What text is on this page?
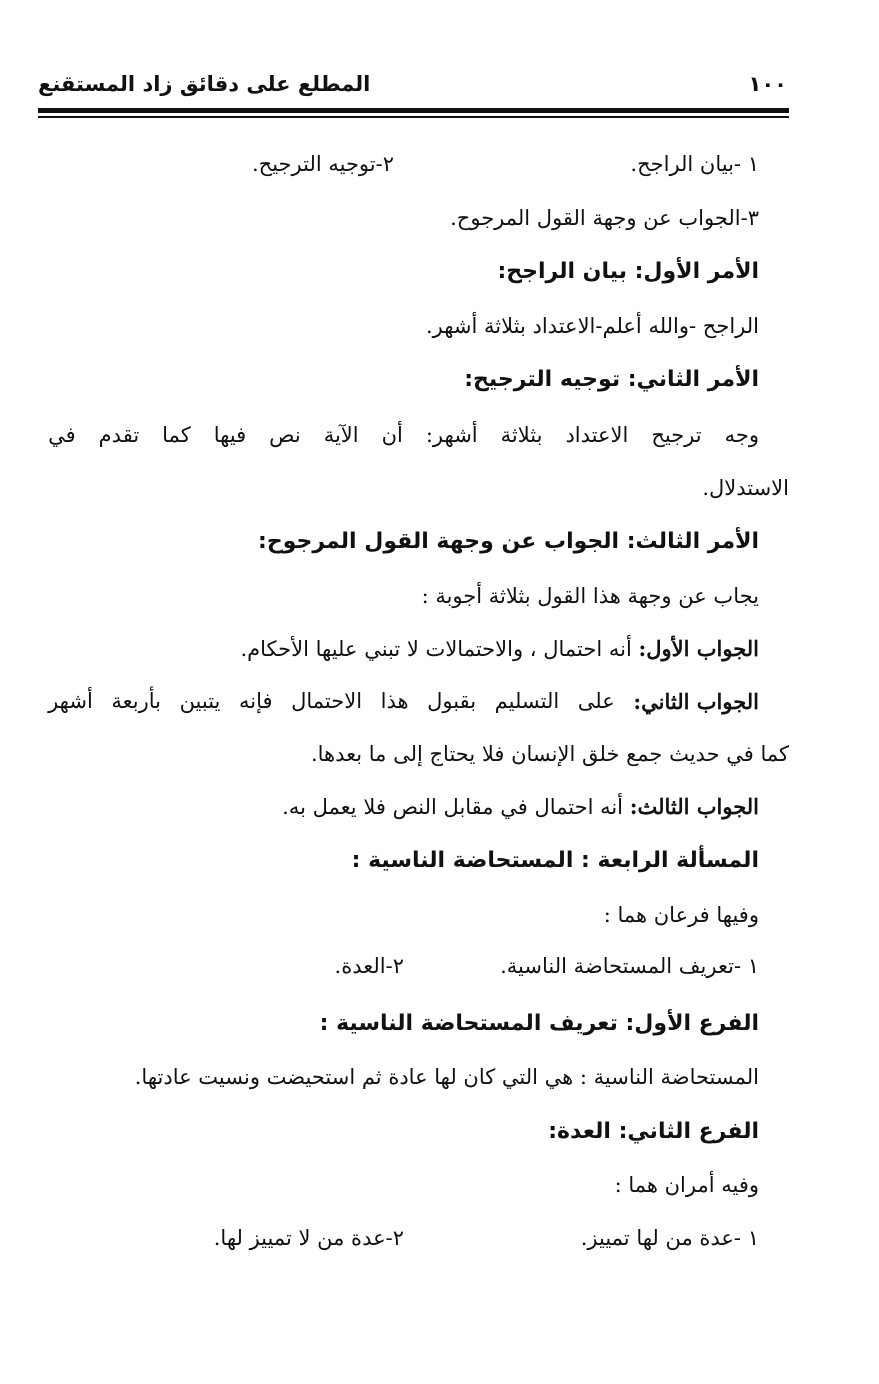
١٠٠
المطلع على دقائق زاد المستقنع
١ -بيان الراجح.
٢-توجيه الترجيح.
٣-الجواب عن وجهة القول المرجوح.
الأمر الأول: بيان الراجح:
الراجح -والله أعلم-الاعتداد بثلاثة أشهر.
الأمر الثاني: توجيه الترجيح:
وجه
ترجيح
الاعتداد
بثلاثة
أشهر:
أن
الآية
نص
فيها
كما
تقدم
في
الاستدلال.
الأمر الثالث: الجواب عن وجهة القول المرجوح:
يجاب عن وجهة هذا القول بثلاثة أجوبة :
الجواب الأول: أنه احتمال ، والاحتمالات لا تبني عليها الأحكام.
الجواب الثاني:
على
التسليم
بقبول
هذا
الاحتمال
فإنه
يتبين
بأربعة
أشهر
كما في حديث جمع خلق الإنسان فلا يحتاج إلى ما بعدها.
الجواب الثالث: أنه احتمال في مقابل النص فلا يعمل به.
المسألة الرابعة : المستحاضة الناسية :
وفيها فرعان هما :
١ -تعريف المستحاضة الناسية.
٢-العدة.
الفرع الأول: تعريف المستحاضة الناسية :
المستحاضة الناسية : هي التي كان لها عادة ثم استحيضت ونسيت عادتها.
الفرع الثاني: العدة:
وفيه أمران هما :
١ -عدة من لها تمييز.
٢-عدة من لا تمييز لها.
